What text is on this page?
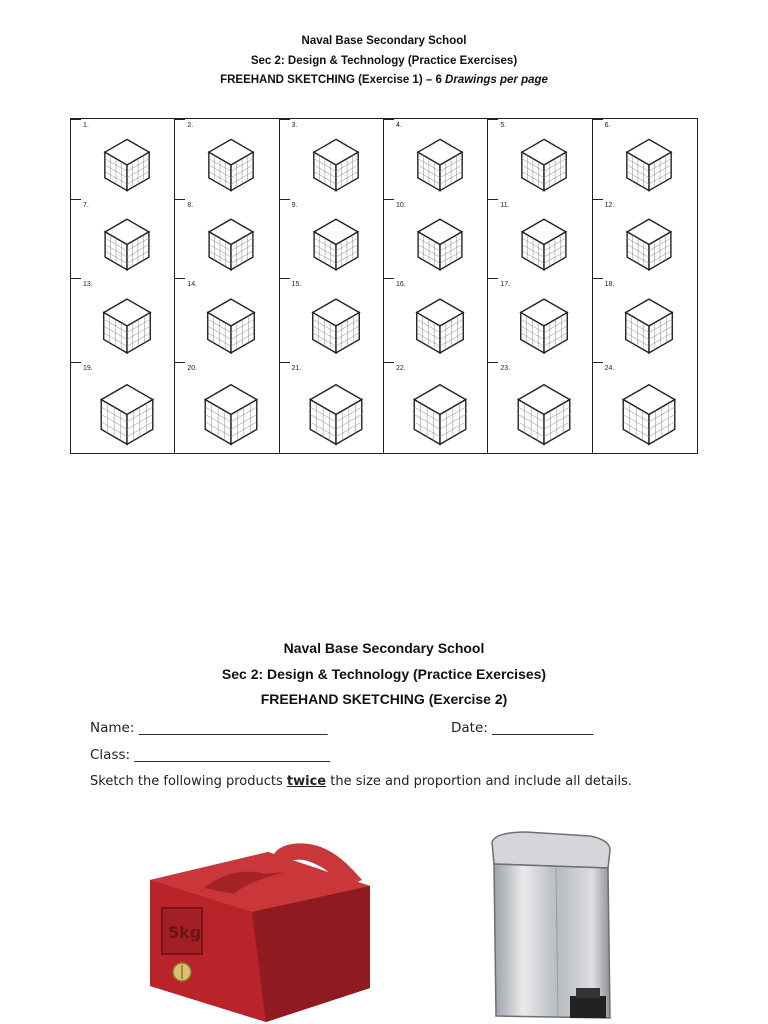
Naval Base Secondary School
Sec 2: Design & Technology (Practice Exercises)
FREEHAND SKETCHING (Exercise 1) – 6 Drawings per page
1.	2.	3.	4.	5.	6.
7.	8.	9.	10.	11.	12.
13.	14.	15.	16.	17.	18.
19.	20.	21.	22.	23.	24.
Naval Base Secondary School
Sec 2: Design & Technology (Practice Exercises)
FREEHAND SKETCHING (Exercise 2)
Name: ____________________________	Date: _______________
Class: _____________________________
Sketch the following products twice the size and proportion and include all details.
5kg
